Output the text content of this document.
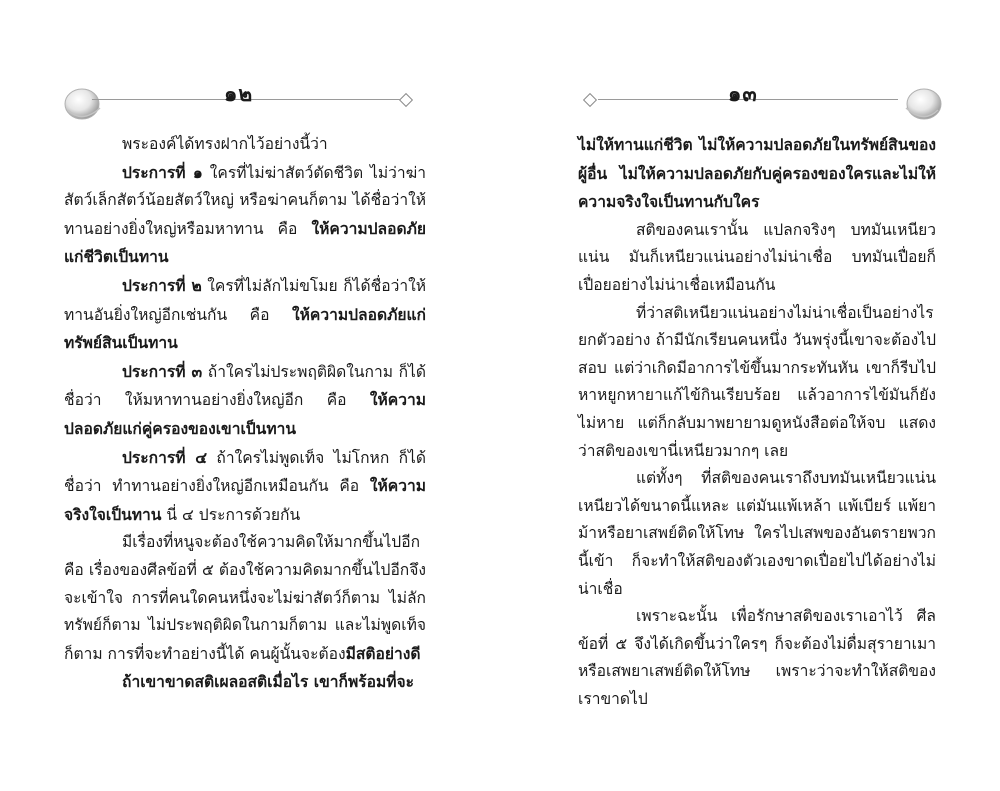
๑๒

พระองค์ได้ทรงฝากไว้อย่างนี้ว่า

ประการที่ ๑ ใครที่ไม่ฆ่าสัตว์ตัดชีวิต ไม่ว่าฆ่าสัตว์เล็กสัตว์น้อยสัตว์ใหญ่ หรือฆ่าคนก็ตาม ได้ชื่อว่าให้ทานอย่างยิ่งใหญ่หรือมหาทาน คือ ให้ความปลอดภัยแก่ชีวิตเป็นทาน

ประการที่ ๒ ใครที่ไม่ลักไม่ขโมย ก็ได้ชื่อว่าให้ทานอันยิ่งใหญ่อีกเช่นกัน คือ ให้ความปลอดภัยแก่ทรัพย์สินเป็นทาน

ประการที่ ๓ ถ้าใครไม่ประพฤติผิดในกาม ก็ได้ชื่อว่า ให้มหาทานอย่างยิ่งใหญ่อีก คือ ให้ความปลอดภัยแก่คู่ครองของเขาเป็นทาน

ประการที่ ๔ ถ้าใครไม่พูดเท็จ ไม่โกหก ก็ได้ชื่อว่า ทำทานอย่างยิ่งใหญ่อีกเหมือนกัน คือ ให้ความจริงใจเป็นทาน นี่ ๔ ประการด้วยกัน

มีเรื่องที่หนูจะต้องใช้ความคิดให้มากขึ้นไปอีก คือ เรื่องของศีลข้อที่ ๕ ต้องใช้ความคิดมากขึ้นไปอีกจึงจะเข้าใจ การที่คนใดคนหนึ่งจะไม่ฆ่าสัตว์ก็ตาม ไม่ลักทรัพย์ก็ตาม ไม่ประพฤติผิดในกามก็ตาม และไม่พูดเท็จก็ตาม การที่จะทำอย่างนี้ได้ คนผู้นั้นจะต้องมีสติอย่างดี

ถ้าเขาขาดสติเผลอสติเมื่อไร เขาก็พร้อมที่จะ

๑๓

ไม่ให้ทานแก่ชีวิต ไม่ให้ความปลอดภัยในทรัพย์สินของผู้อื่น ไม่ให้ความปลอดภัยกับคู่ครองของใครและไม่ให้ความจริงใจเป็นทานกับใคร

สติของคนเรานั้น แปลกจริงๆ บทมันเหนียวแน่น มันก็เหนียวแน่นอย่างไม่น่าเชื่อ บทมันเปื่อยก็เปื่อยอย่างไม่น่าเชื่อเหมือนกัน

ที่ว่าสติเหนียวแน่นอย่างไม่น่าเชื่อเป็นอย่างไร ยกตัวอย่าง ถ้ามีนักเรียนคนหนึ่ง วันพรุ่งนี้เขาจะต้องไปสอบ แต่ว่าเกิดมีอาการไข้ขึ้นมากระทันหัน เขาก็รีบไปหาหยูกหายาแก้ไข้กินเรียบร้อย แล้วอาการไข้มันก็ยังไม่หาย แต่ก็กลับมาพยายามดูหนังสือต่อให้จบ แสดงว่าสติของเขานี่เหนียวมากๆ เลย

แต่ทั้งๆ ที่สติของคนเราถึงบทมันเหนียวแน่นเหนียวได้ขนาดนี้แหละ แต่มันแพ้เหล้า แพ้เบียร์ แพ้ยาม้าหรือยาเสพย์ติดให้โทษ ใครไปเสพของอันตรายพวกนี้เข้า ก็จะทำให้สติของตัวเองขาดเปื่อยไปได้อย่างไม่น่าเชื่อ

เพราะฉะนั้น เพื่อรักษาสติของเราเอาไว้ ศีลข้อที่ ๕ จึงได้เกิดขึ้นว่าใครๆ ก็จะต้องไม่ดื่มสุรายาเมาหรือเสพยาเสพย์ติดให้โทษ เพราะว่าจะทำให้สติของเราขาดไป
